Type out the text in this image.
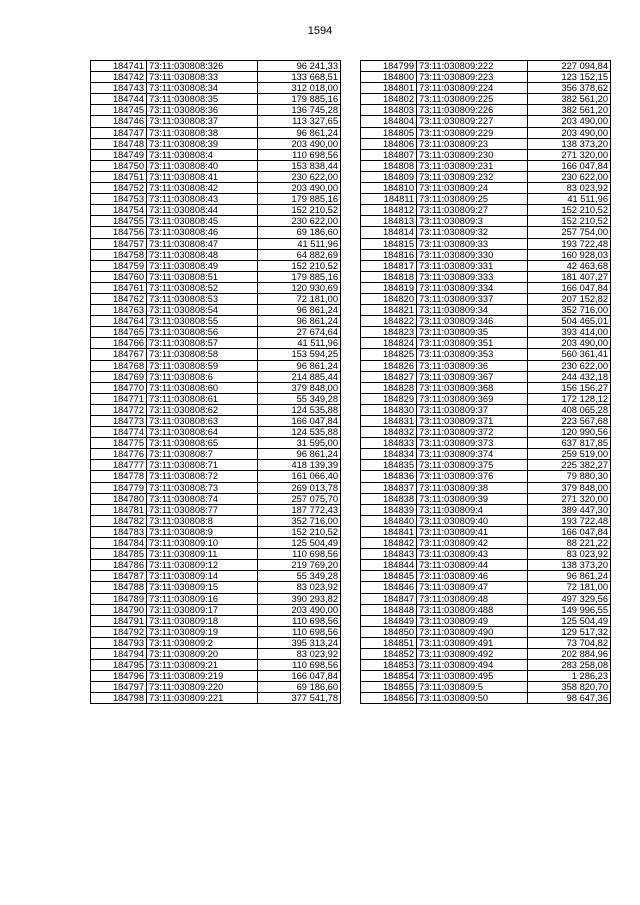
1594
184741	73:11:030808:326	96 241,33
184742	73:11:030808:33	133 668,51
184743	73:11:030808:34	312 018,00
184744	73:11:030808:35	179 885,16
184745	73:11:030808:36	136 745,28
184746	73:11:030808:37	113 327,65
184747	73:11:030808:38	96 861,24
184748	73:11:030808:39	203 490,00
184749	73:11:030808:4	110 698,56
184750	73:11:030808:40	153 838,44
184751	73:11:030808:41	230 622,00
184752	73:11:030808:42	203 490,00
184753	73:11:030808:43	179 885,16
184754	73:11:030808:44	152 210,52
184755	73:11:030808:45	230 622,00
184756	73:11:030808:46	69 186,60
184757	73:11:030808:47	41 511,96
184758	73:11:030808:48	64 882,69
184759	73:11:030808:49	152 210,52
184760	73:11:030808:51	179 885,16
184761	73:11:030808:52	120 930,69
184762	73:11:030808:53	72 181,00
184763	73:11:030808:54	96 861,24
184764	73:11:030808:55	96 861,24
184765	73:11:030808:56	27 674,64
184766	73:11:030808:57	41 511,96
184767	73:11:030808:58	153 594,25
184768	73:11:030808:59	96 861,24
184769	73:11:030808:6	214 885,44
184770	73:11:030808:60	379 848,00
184771	73:11:030808:61	55 349,28
184772	73:11:030808:62	124 535,88
184773	73:11:030808:63	166 047,84
184774	73:11:030808:64	124 535,88
184775	73:11:030808:65	31 595,00
184776	73:11:030808:7	96 861,24
184777	73:11:030808:71	418 139,39
184778	73:11:030808:72	161 066,40
184779	73:11:030808:73	269 013,78
184780	73:11:030808:74	257 075,70
184781	73:11:030808:77	187 772,43
184782	73:11:030808:8	352 716,00
184783	73:11:030808:9	152 210,52
184784	73:11:030809:10	125 504,49
184785	73:11:030809:11	110 698,56
184786	73:11:030809:12	219 769,20
184787	73:11:030809:14	55 349,28
184788	73:11:030809:15	83 023,92
184789	73:11:030809:16	390 293,82
184790	73:11:030809:17	203 490,00
184791	73:11:030809:18	110 698,56
184792	73:11:030809:19	110 698,56
184793	73:11:030809:2	395 313,24
184794	73:11:030809:20	83 023,92
184795	73:11:030809:21	110 698,56
184796	73:11:030809:219	166 047,84
184797	73:11:030809:220	69 186,60
184798	73:11:030809:221	377 541,78
184799	73:11:030809:222	227 094,84
184800	73:11:030809:223	123 152,15
184801	73:11:030809:224	356 378,62
184802	73:11:030809:225	382 561,20
184803	73:11:030809:226	382 561,20
184804	73:11:030809:227	203 490,00
184805	73:11:030809:229	203 490,00
184806	73:11:030809:23	138 373,20
184807	73:11:030809:230	271 320,00
184808	73:11:030809:231	166 047,84
184809	73:11:030809:232	230 622,00
184810	73:11:030809:24	83 023,92
184811	73:11:030809:25	41 511,96
184812	73:11:030809:27	152 210,52
184813	73:11:030809:3	152 210,52
184814	73:11:030809:32	257 754,00
184815	73:11:030809:33	193 722,48
184816	73:11:030809:330	160 928,03
184817	73:11:030809:331	42 463,68
184818	73:11:030809:333	181 407,27
184819	73:11:030809:334	166 047,84
184820	73:11:030809:337	207 152,82
184821	73:11:030809:34	352 716,00
184822	73:11:030809:346	504 465,01
184823	73:11:030809:35	393 414,00
184824	73:11:030809:351	203 490,00
184825	73:11:030809:353	560 361,41
184826	73:11:030809:36	230 622,00
184827	73:11:030809:367	244 432,18
184828	73:11:030809:368	156 156,27
184829	73:11:030809:369	172 128,12
184830	73:11:030809:37	408 065,28
184831	73:11:030809:371	223 567,68
184832	73:11:030809:372	120 990,56
184833	73:11:030809:373	637 817,85
184834	73:11:030809:374	259 519,00
184835	73:11:030809:375	225 382,27
184836	73:11:030809:376	79 880,30
184837	73:11:030809:38	379 848,00
184838	73:11:030809:39	271 320,00
184839	73:11:030809:4	389 447,30
184840	73:11:030809:40	193 722,48
184841	73:11:030809:41	166 047,84
184842	73:11:030809:42	88 221,22
184843	73:11:030809:43	83 023,92
184844	73:11:030809:44	138 373,20
184845	73:11:030809:46	96 861,24
184846	73:11:030809:47	72 181,00
184847	73:11:030809:48	497 329,56
184848	73:11:030809:488	149 996,55
184849	73:11:030809:49	125 504,49
184850	73:11:030809:490	129 517,32
184851	73:11:030809:491	73 704,82
184852	73:11:030809:492	202 884,96
184853	73:11:030809:494	283 258,08
184854	73:11:030809:495	1 286,23
184855	73:11:030809:5	358 820,70
184856	73:11:030809:50	98 647,36
